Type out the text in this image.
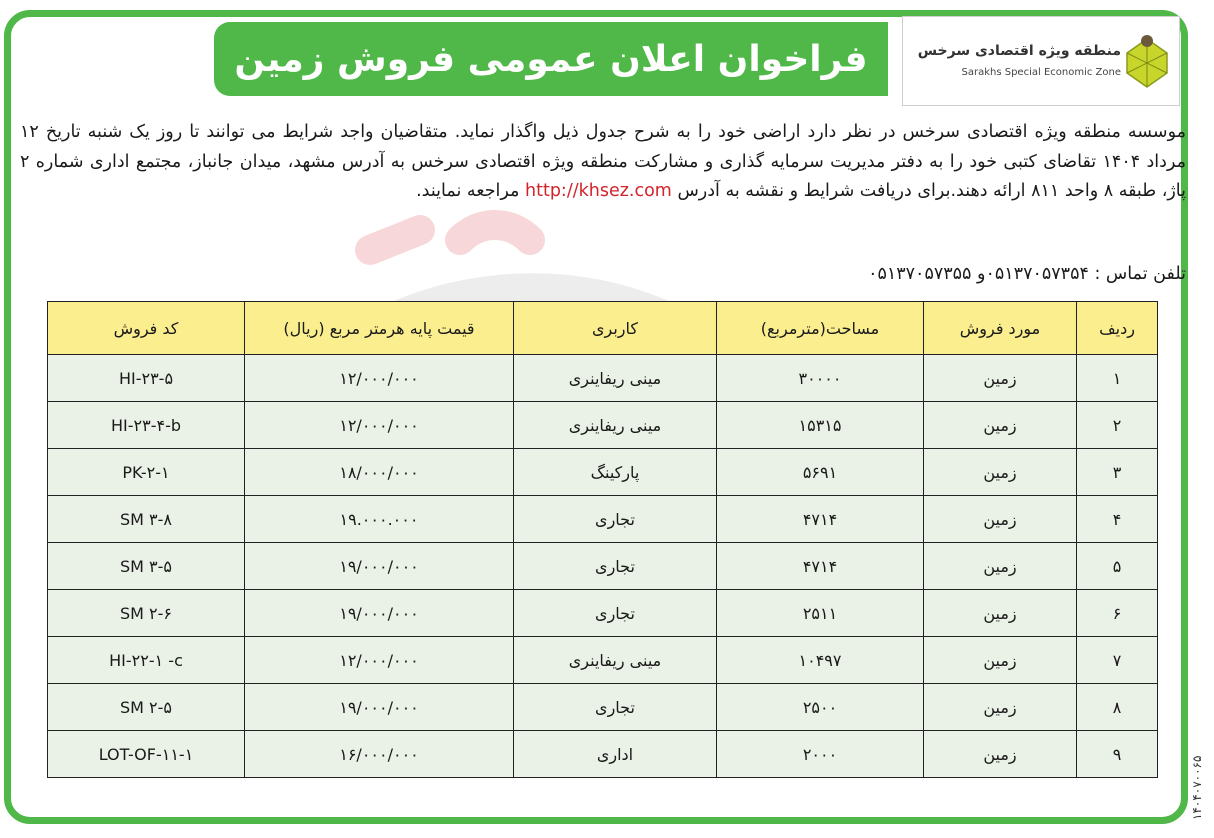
منطقه ویژه اقتصادی سرخس
Sarakhs Special Economic Zone
فراخوان اعلان عمومی فروش زمین

موسسه منطقه ویژه اقتصادی سرخس در نظر دارد اراضی خود را به شرح جدول ذیل واگذار نماید. متقاضیان واجد شرایط می توانند تا روز یک شنبه تاریخ ۱۲ مرداد ۱۴۰۴ تقاضای کتبی خود را به دفتر مدیریت سرمایه گذاری و مشارکت منطقه ویژه اقتصادی سرخس به آدرس مشهد، میدان جانباز، مجتمع اداری شماره ۲ پاژ، طبقه ۸ واحد ۸۱۱ ارائه دهند.برای دریافت شرایط و نقشه به آدرس http://khsez.com مراجعه نمایند.

تلفن تماس : ۰۵۱۳۷۰۵۷۳۵۴و ۰۵۱۳۷۰۵۷۳۵۵

ردیف	مورد فروش	مساحت(مترمربع)	کاربری	قیمت پایه هرمتر مربع (ریال)	کد فروش
۱	زمین	۳۰۰۰۰	مینی ریفاینری	۱۲/۰۰۰/۰۰۰	HI-۲۳-۵
۲	زمین	۱۵۳۱۵	مینی ریفاینری	۱۲/۰۰۰/۰۰۰	HI-۲۳-۴-b
۳	زمین	۵۶۹۱	پارکینگ	۱۸/۰۰۰/۰۰۰	PK-۲-۱
۴	زمین	۴۷۱۴	تجاری	۱۹.۰۰۰.۰۰۰	SM ۳-۸
۵	زمین	۴۷۱۴	تجاری	۱۹/۰۰۰/۰۰۰	SM ۳-۵
۶	زمین	۲۵۱۱	تجاری	۱۹/۰۰۰/۰۰۰	SM ۲-۶
۷	زمین	۱۰۴۹۷	مینی ریفاینری	۱۲/۰۰۰/۰۰۰	HI-۲۲-۱ -c
۸	زمین	۲۵۰۰	تجاری	۱۹/۰۰۰/۰۰۰	SM ۲-۵
۹	زمین	۲۰۰۰	اداری	۱۶/۰۰۰/۰۰۰	LOT-OF-۱۱-۱
۱۴۰۴۰۷۰۰۶۵
